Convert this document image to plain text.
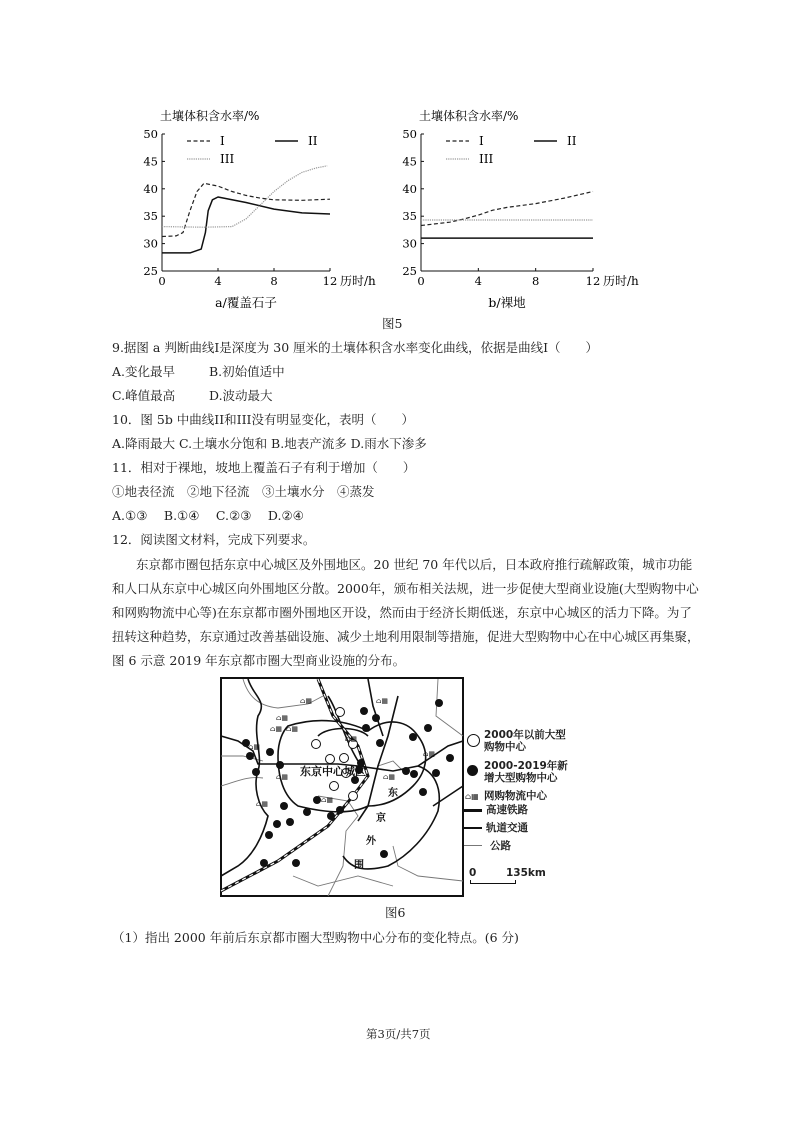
土壤体积含水率/%
25
30
35
40
45
50
0	4	8	12 历时/h
a/覆盖石子
I	II
III
土壤体积含水率/%
25
30
35
40
45
50
0	4	8	12 历时/h
b/裸地
I	II
III
图5
9.据图 a 判断曲线I是深度为 30 厘米的土壤体积含水率变化曲线，依据是曲线I（　　）
A.变化最早	B.初始值适中
C.峰值最高	D.波动最大
10．图 5b 中曲线II和III没有明显变化，表明（　　）
A.降雨最大 C.土壤水分饱和 B.地表产流多 D.雨水下渗多
11．相对于裸地，坡地上覆盖石子有利于增加（　　）
①地表径流　②地下径流　③土壤水分　④蒸发
A.①③　 B.①④　 C.②③　 D.②④
12．阅读图文材料，完成下列要求。
东京都市圈包括东京中心城区及外围地区。20 世纪 70 年代以后，日本政府推行疏解政策，城市功能
和人口从东京中心城区向外围地区分散。2000年，颁布相关法规，进一步促使大型商业设施(大型购物中心
和网购物流中心等)在东京都市圈外围地区开设，然而由于经济长期低迷，东京中心城区的活力下降。为了
扭转这种趋势，东京通过改善基础设施、减少土地利用限制等措施，促进大型购物中心在中心城区再集聚，
图 6 示意 2019 年东京都市圈大型商业设施的分布。
⌂▦	⌂▦
⌂▦
⌂▦ ⌂▦
⌂▦
⌂▦
⌂▦
⌂▦	⌂▦
⌂▦	⌂▦
东京中心城区
东
京
外
围
2000年以前大型购物中心
2000-2019年新增大型购物中心
⌂▦ 网购物流中心
高速铁路
轨道交通
公路
0	135km
图6
（1）指出 2000 年前后东京都市圈大型购物中心分布的变化特点。(6 分)
第3页/共7页
